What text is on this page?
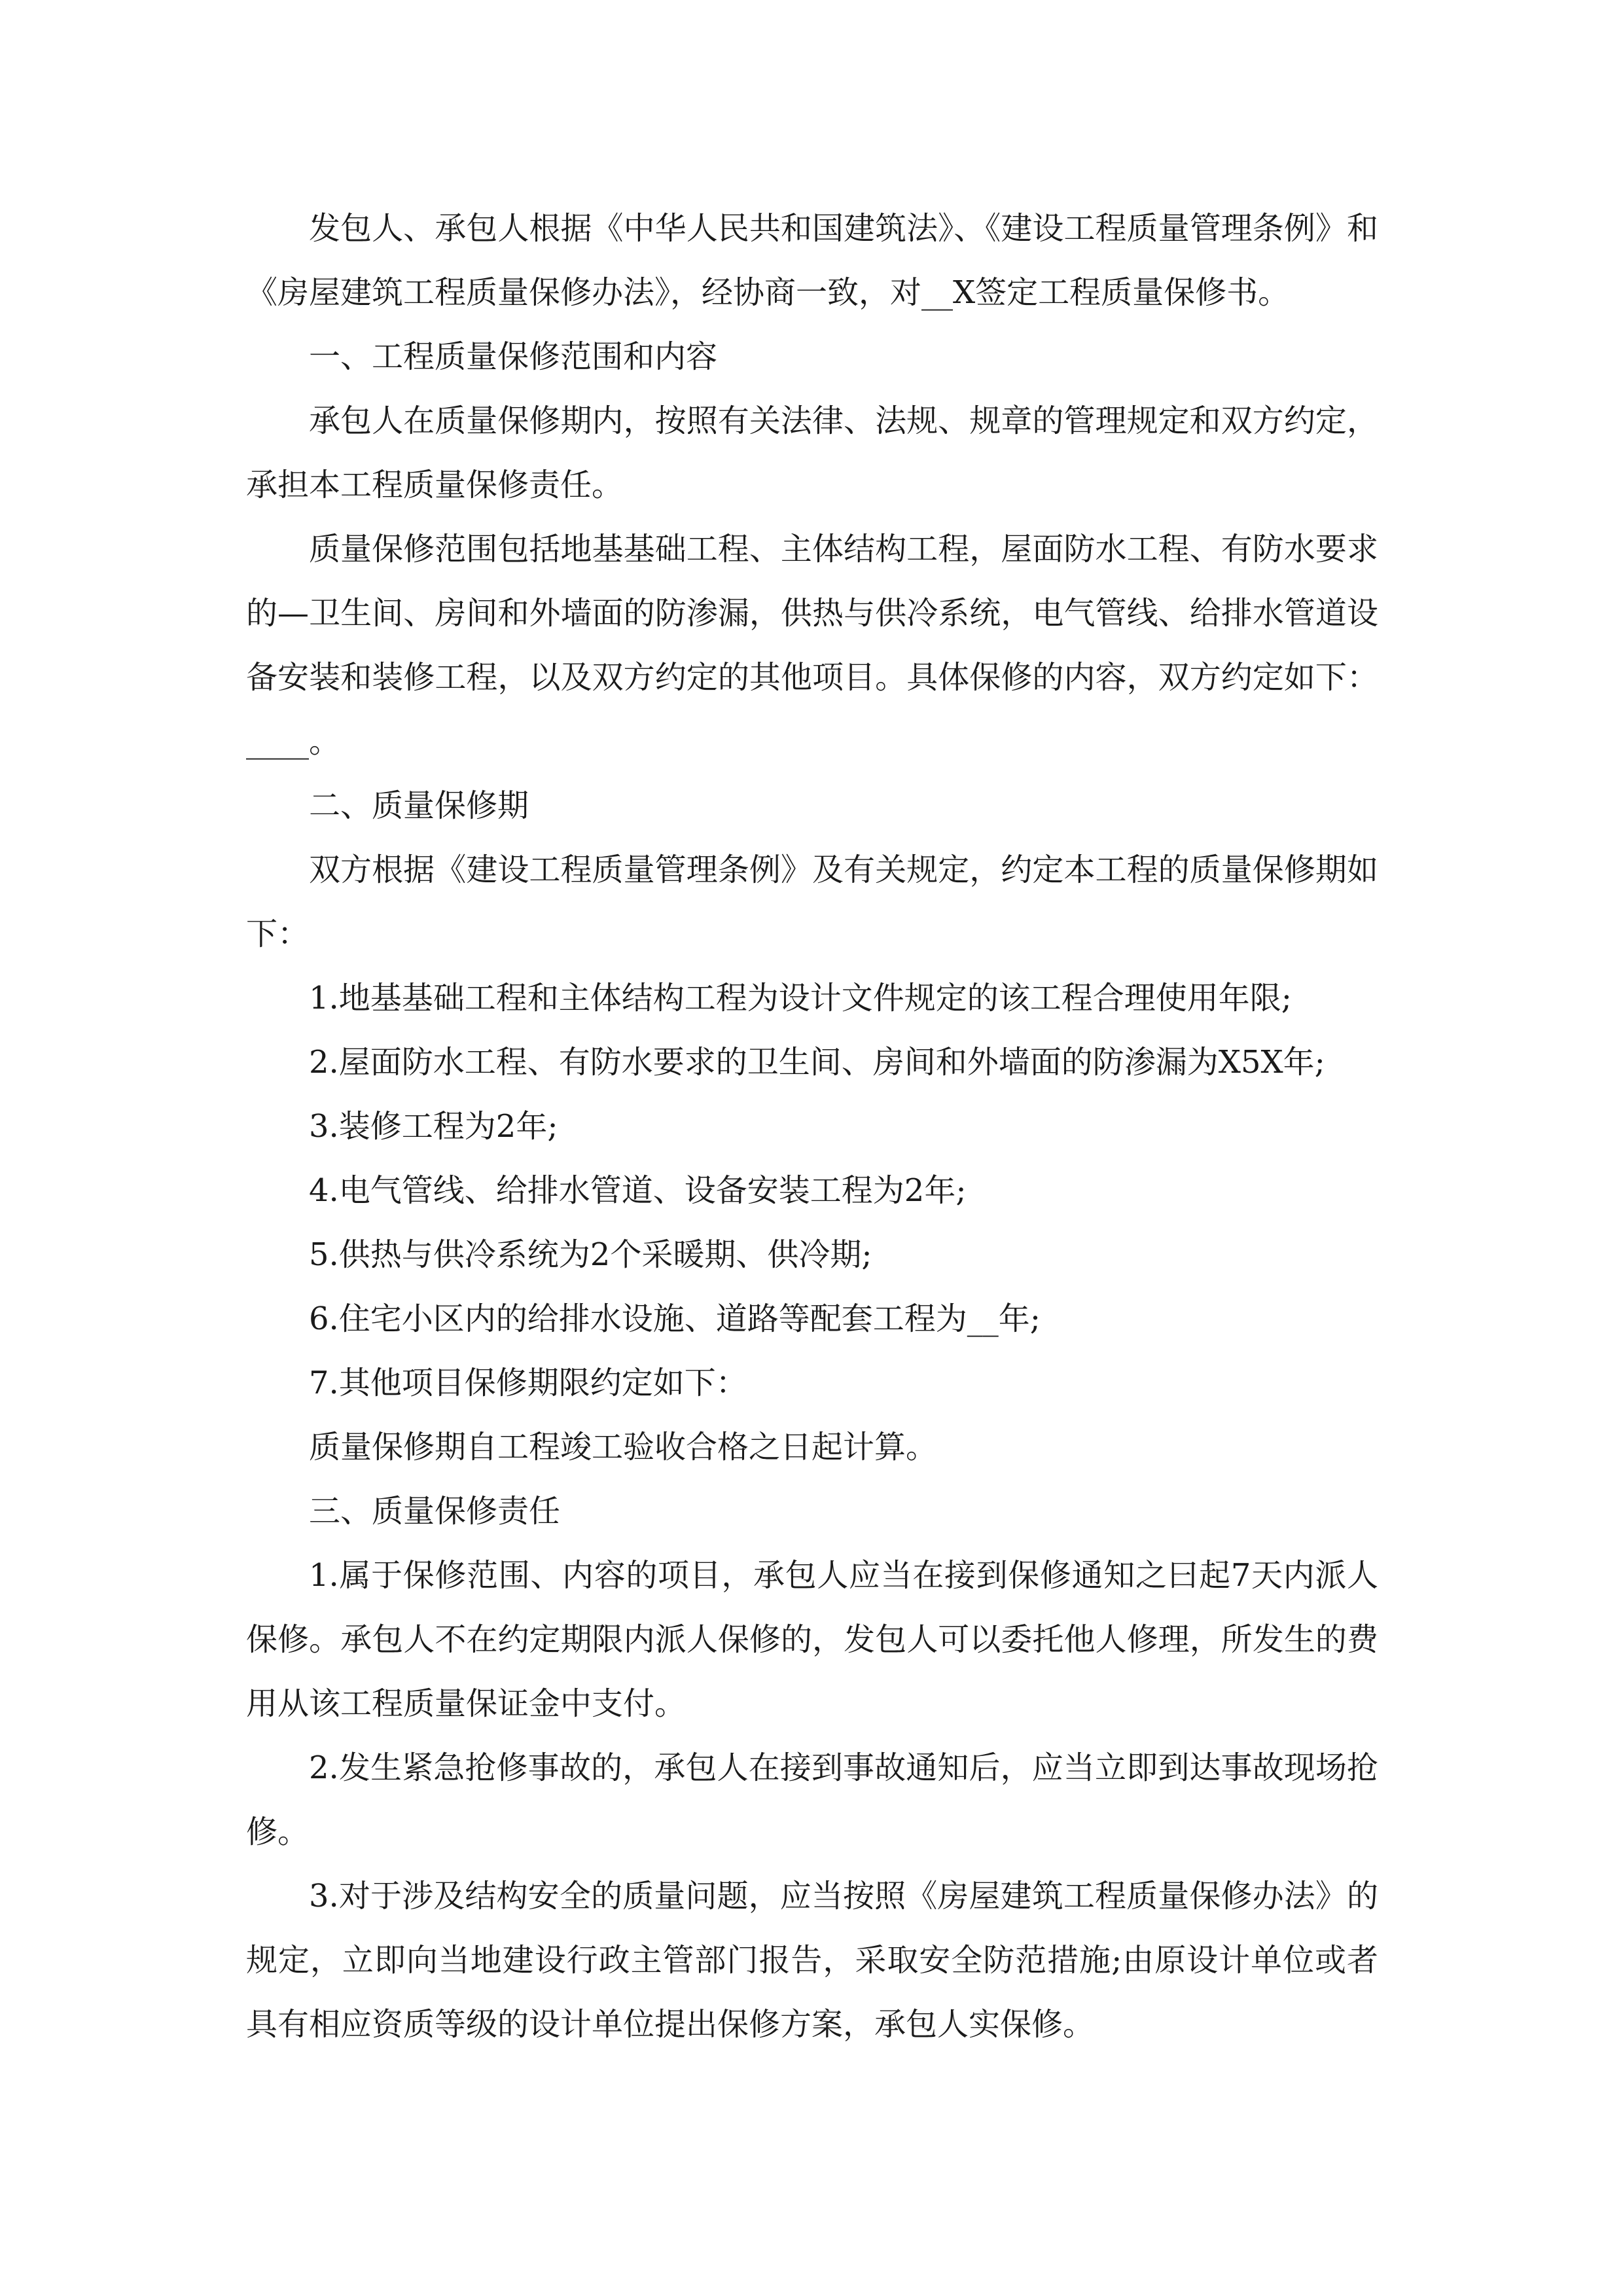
发包人、承包人根据《中华人民共和国建筑法》、《建设工程质量管理条例》和《房屋建筑工程质量保修办法》，经协商一致，对__X签定工程质量保修书。

一、工程质量保修范围和内容

承包人在质量保修期内，按照有关法律、法规、规章的管理规定和双方约定，承担本工程质量保修责任。

质量保修范围包括地基基础工程、主体结构工程，屋面防水工程、有防水要求的—卫生间、房间和外墙面的防渗漏，供热与供冷系统，电气管线、给排水管道设备安装和装修工程，以及双方约定的其他项目。具体保修的内容，双方约定如下：____。

二、质量保修期

双方根据《建设工程质量管理条例》及有关规定，约定本工程的质量保修期如下：

1.地基基础工程和主体结构工程为设计文件规定的该工程合理使用年限;

2.屋面防水工程、有防水要求的卫生间、房间和外墙面的防渗漏为X5X年;

3.装修工程为2年;

4.电气管线、给排水管道、设备安装工程为2年;

5.供热与供冷系统为2个采暖期、供冷期;

6.住宅小区内的给排水设施、道路等配套工程为__年;

7.其他项目保修期限约定如下：

质量保修期自工程竣工验收合格之日起计算。

三、质量保修责任

1.属于保修范围、内容的项目，承包人应当在接到保修通知之曰起7天内派人保修。承包人不在约定期限内派人保修的，发包人可以委托他人修理，所发生的费用从该工程质量保证金中支付。

2.发生紧急抢修事故的，承包人在接到事故通知后，应当立即到达事故现场抢修。

3.对于涉及结构安全的质量问题，应当按照《房屋建筑工程质量保修办法》的规定，立即向当地建设行政主管部门报告，采取安全防范措施;由原设计单位或者具有相应资质等级的设计单位提出保修方案，承包人实保修。
